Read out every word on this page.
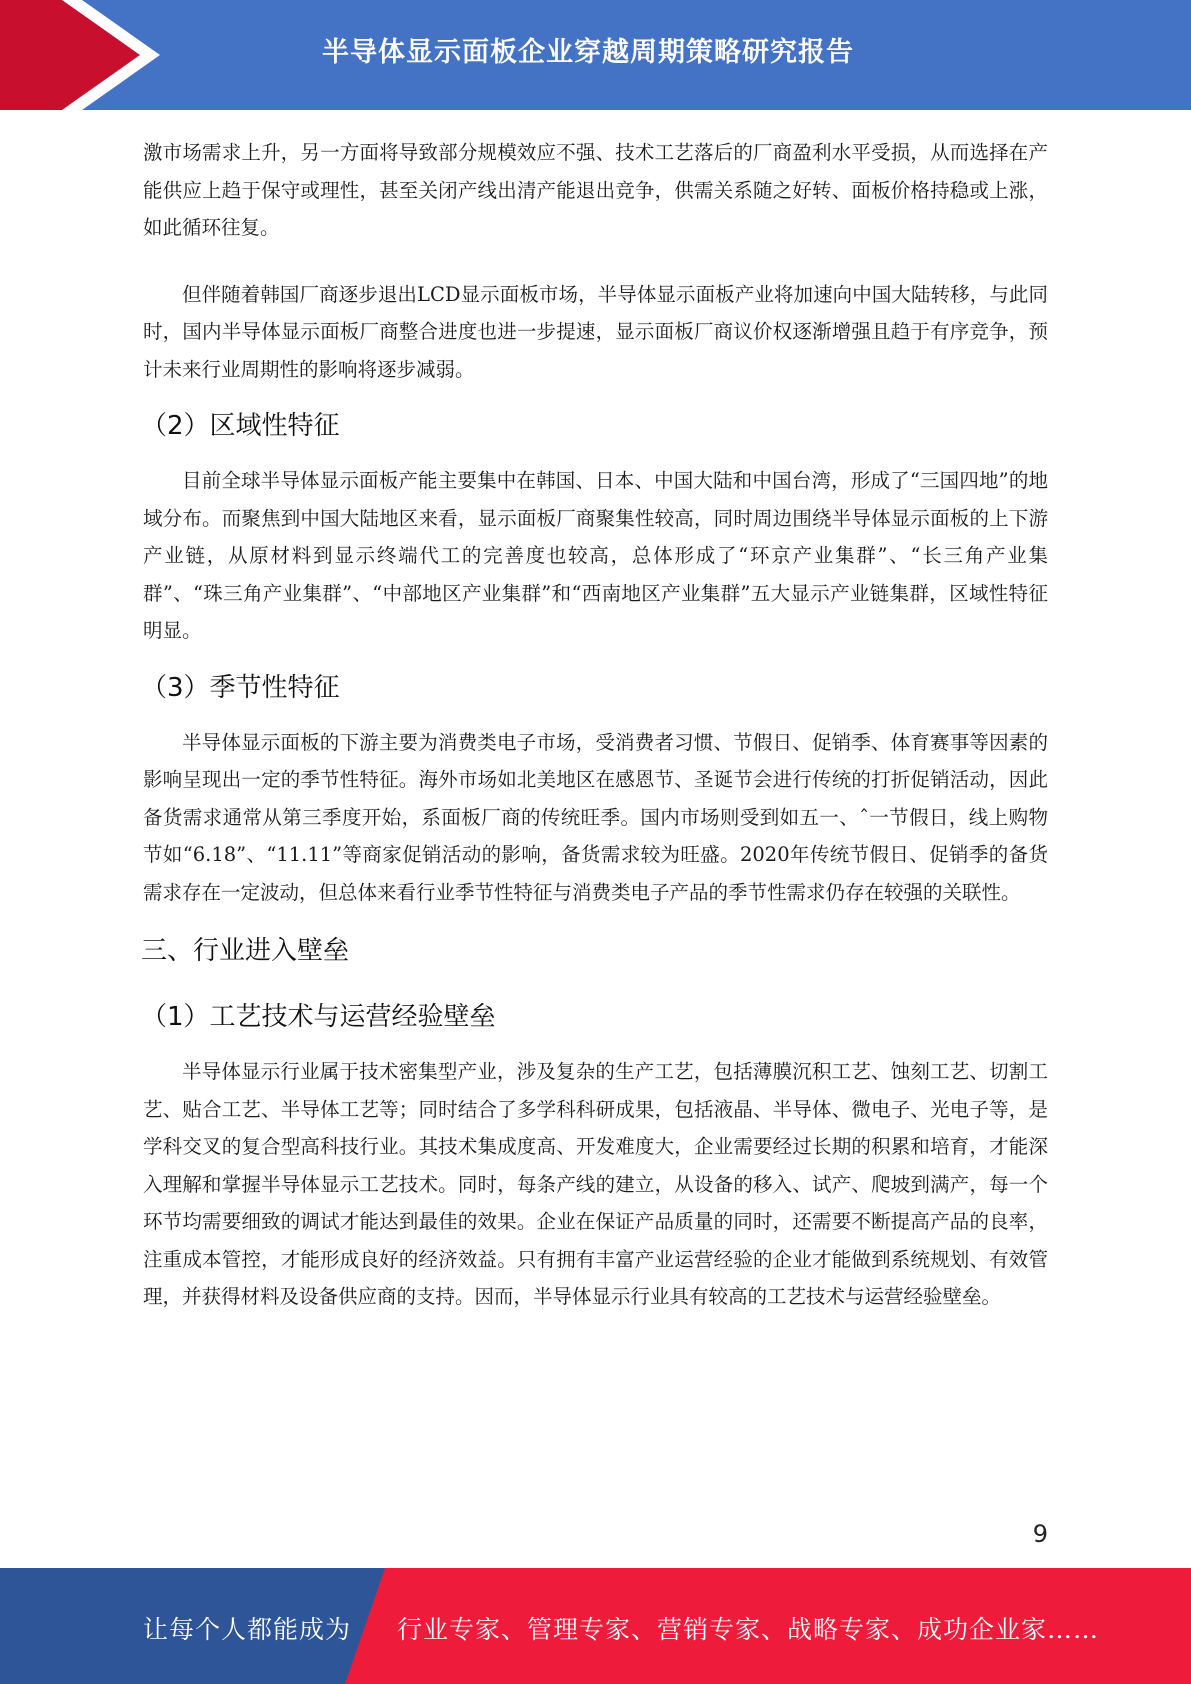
半导体显示面板企业穿越周期策略研究报告

激市场需求上升，另一方面将导致部分规模效应不强、技术工艺落后的厂商盈利水平受损，从而选择在产能供应上趋于保守或理性，甚至关闭产线出清产能退出竞争，供需关系随之好转、面板价格持稳或上涨，如此循环往复。

但伴随着韩国厂商逐步退出LCD显示面板市场，半导体显示面板产业将加速向中国大陆转移，与此同时，国内半导体显示面板厂商整合进度也进一步提速，显示面板厂商议价权逐渐增强且趋于有序竞争，预计未来行业周期性的影响将逐步减弱。

（2）区域性特征

目前全球半导体显示面板产能主要集中在韩国、日本、中国大陆和中国台湾，形成了“三国四地”的地域分布。而聚焦到中国大陆地区来看，显示面板厂商聚集性较高，同时周边围绕半导体显示面板的上下游产业链，从原材料到显示终端代工的完善度也较高，总体形成了“环京产业集群”、“长三角产业集群”、“珠三角产业集群”、“中部地区产业集群”和“西南地区产业集群”五大显示产业链集群，区域性特征明显。

（3）季节性特征

半导体显示面板的下游主要为消费类电子市场，受消费者习惯、节假日、促销季、体育赛事等因素的影响呈现出一定的季节性特征。海外市场如北美地区在感恩节、圣诞节会进行传统的打折促销活动，因此备货需求通常从第三季度开始，系面板厂商的传统旺季。国内市场则受到如五一、ˆ一节假日，线上购物节如“6.18”、“11.11”等商家促销活动的影响，备货需求较为旺盛。2020年传统节假日、促销季的备货需求存在一定波动，但总体来看行业季节性特征与消费类电子产品的季节性需求仍存在较强的关联性。

三、行业进入壁垒
（1）工艺技术与运营经验壁垒

半导体显示行业属于技术密集型产业，涉及复杂的生产工艺，包括薄膜沉积工艺、蚀刻工艺、切割工艺、贴合工艺、半导体工艺等；同时结合了多学科科研成果，包括液晶、半导体、微电子、光电子等，是学科交叉的复合型高科技行业。其技术集成度高、开发难度大，企业需要经过长期的积累和培育，才能深入理解和掌握半导体显示工艺技术。同时，每条产线的建立，从设备的移入、试产、爬坡到满产，每一个环节均需要细致的调试才能达到最佳的效果。企业在保证产品质量的同时，还需要不断提高产品的良率，注重成本管控，才能形成良好的经济效益。只有拥有丰富产业运营经验的企业才能做到系统规划、有效管理，并获得材料及设备供应商的支持。因而，半导体显示行业具有较高的工艺技术与运营经验壁垒。

9
让每个人都能成为 行业专家、管理专家、营销专家、战略专家、成功企业家……
